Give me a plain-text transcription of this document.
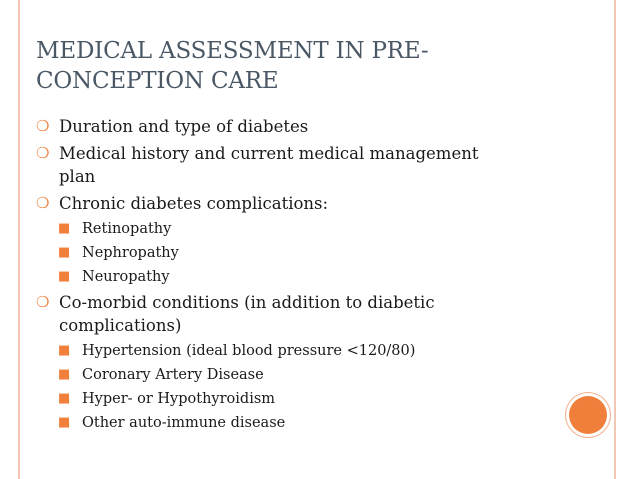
MEDICAL ASSESSMENT IN PRE-CONCEPTION CARE
❍ Duration and type of diabetes
❍ Medical history and current medical management plan
❍ Chronic diabetes complications:
■ Retinopathy
■ Nephropathy
■ Neuropathy
❍ Co-morbid conditions (in addition to diabetic complications)
■ Hypertension (ideal blood pressure <120/80)
■ Coronary Artery Disease
■ Hyper- or Hypothyroidism
■ Other auto-immune disease
